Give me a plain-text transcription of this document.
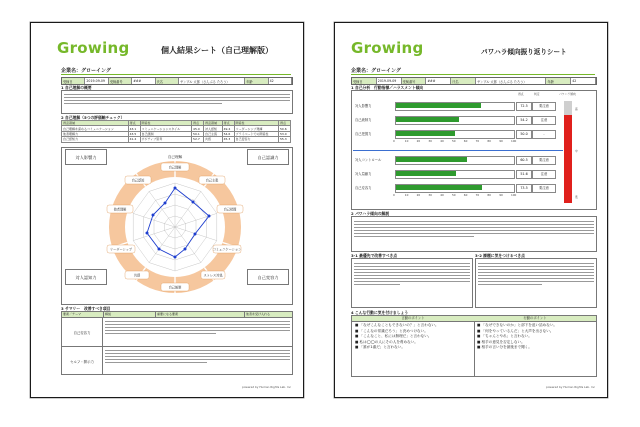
Growing	個人結果シート（自己理解版）
企業名：グローイング
受検日	2019-09-09	受検番号	###	氏名	サンプル 太郎（さんぷる たろう）	年齢	42
1 自己理解の概要
2 自己理解（5つの評価軸チェック）
得意領域	得点	関係性	得点	得意領域	得点	関係性	得点
自己理解を深めるコミュニケーション	43.1	コミュニケーションスタイル	45.0	対人認知	49.4	リーダーシップ発揮	50.6
他者理解力	43.5	自己統制	50.1	自己主張	54.6	プライベートでの関係性	53.0
自己認知力	41.4	ポジティブ思考	52.7	共感	45.3	自己変容力	55.3
対人影響力	自己認識力
対人認知力	自己変容力
自己理解
自己理解
自己主張
自己把握
コミュニケーション
ストレス対処
自己統制
共感
リーダーシップ
他者理解
自己認知
3 サマリー　改善すべき項目
要素／テーマ	解説	重要になる要素	他者を受け入れる
自己変容力
セルフ・開示力
powered by Human Rights Lab. Inc
Growing	パワハラ傾向振り返りシート
企業名：グローイング
受検日	2019-09-09	受検番号	###	氏名	サンプル 太郎（さんぷる たろう）	年齢	42
1 自己分析　行動指標／ハラスメント傾向
得点	判定	パワハラ傾向
高
中
低
2 パワハラ傾向の解説
3-1 最優先で改善すべき点	3-2 課題に気をつけるべき点
4 こんな行動に気を付けましょう
言動のポイント	行動のポイント
■ 「なぜこんなこともできないの？」と言わない。
■ 「こんなの常識だろう」と決めつけない。
■ 「こんなこと、私には無理だ」と言わない。
■ 私は◯◯の人にその人を責めない。
■ 「誰が1番だ」と言わない。
■ 「なぜできないのか」と部下を追い詰めない。
■ 「何をやっているんだ」と大声を出さない。
■ 「ちゃんとやれ」と言わない。
■ 相手の意見を否定しない。
■ 相手の言い分を最後まで聞く。
powered by Human Rights Lab. Inc
対人影響力	72.5	要注意
自己統制力	54.2	注意
自己把握力	50.0	-
0	10	20	30	40	50	60	70	80	90	100
対人コントロール	60.5	要注意
対人葛藤力	51.6	注意
自己変容力	73.5	要注意
0	10	20	30	40	50	60	70	80	90	100
